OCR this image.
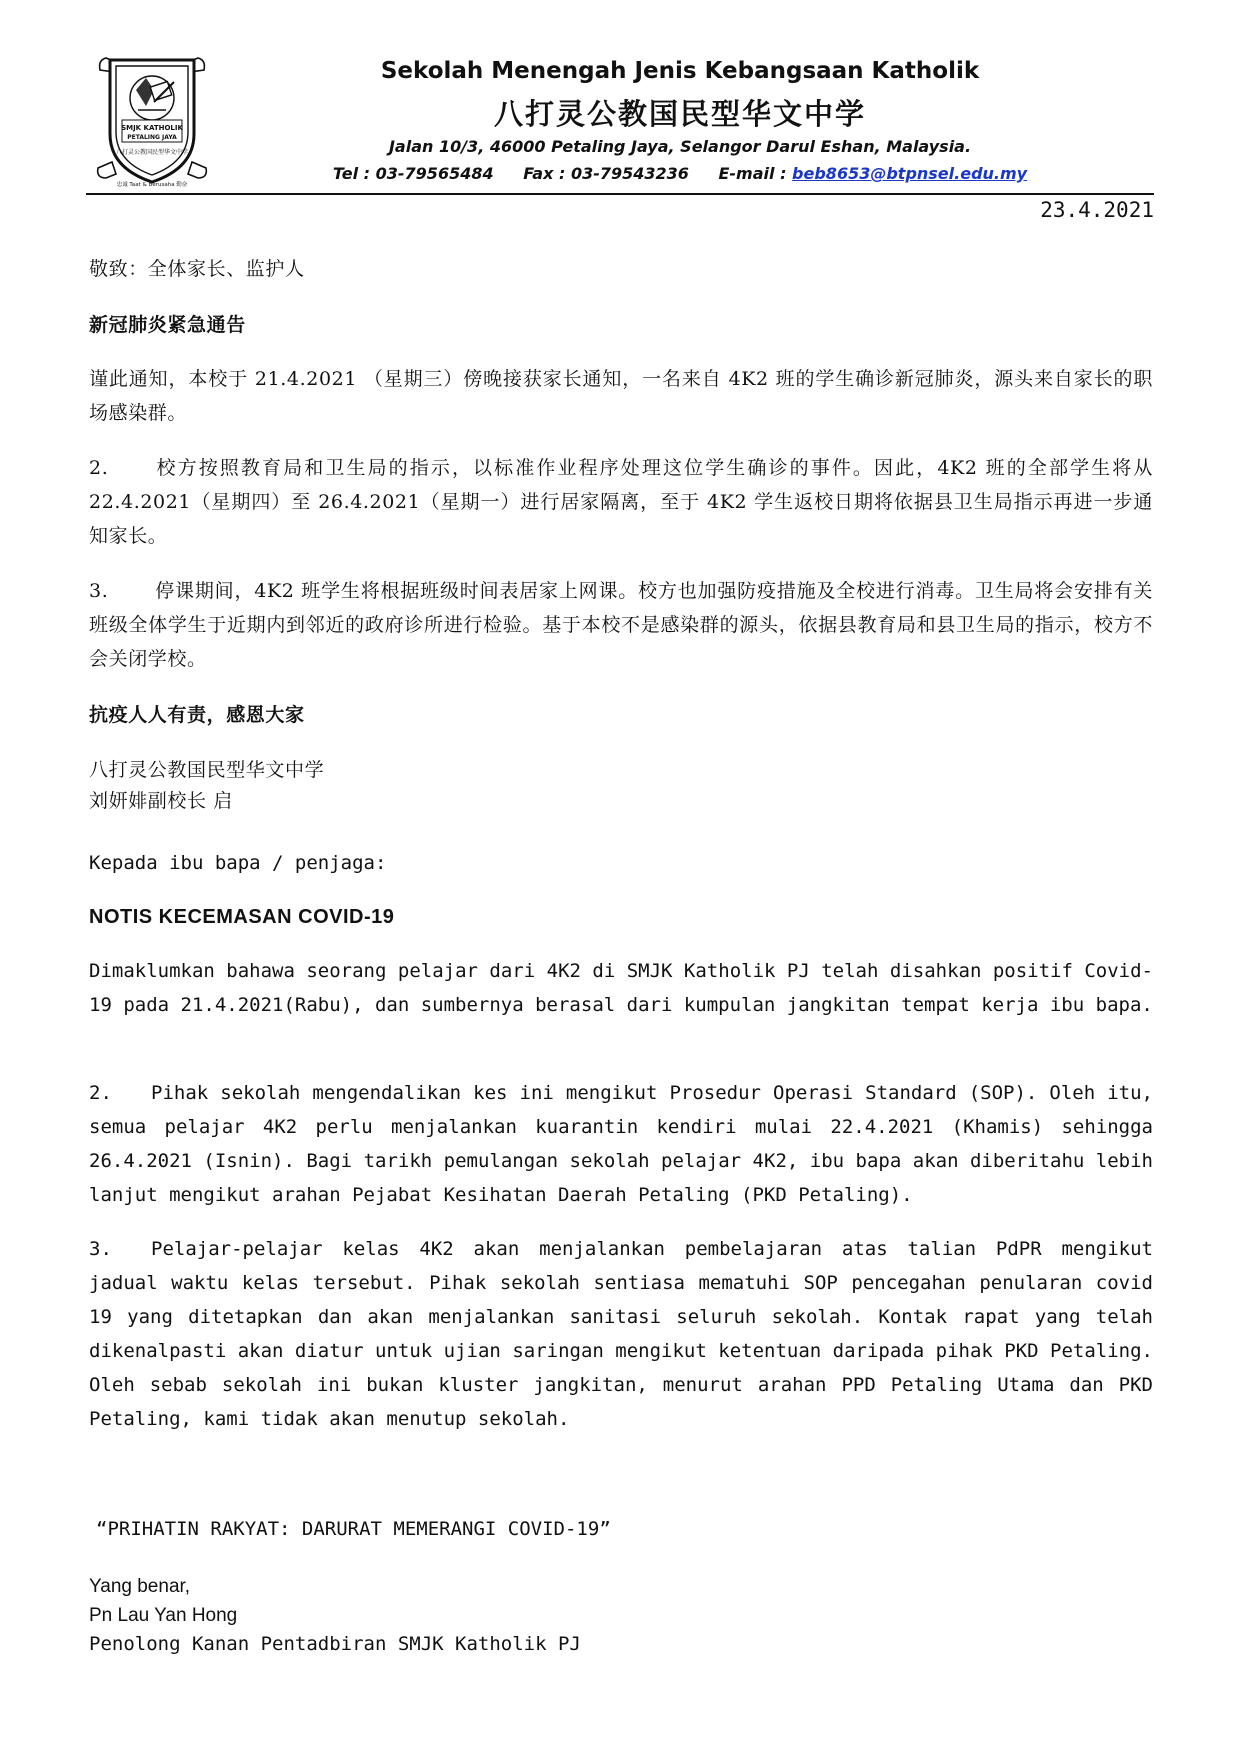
SMJK KATHOLIK
PETALING JAYA
八打灵公教国民型华文中学
忠诚 Taat & Berusaha 勤奋
Sekolah Menengah Jenis Kebangsaan Katholik
八打灵公教国民型华文中学
Jalan 10/3, 46000 Petaling Jaya, Selangor Darul Eshan, Malaysia.
Tel : 03-79565484 Fax : 03-79543236 E-mail : beb8653@btpnsel.edu.my
23.4.2021
敬致：全体家长、监护人
新冠肺炎紧急通告
谨此通知，本校于 21.4.2021 （星期三）傍晚接获家长通知，一名来自 4K2 班的学生确诊新冠肺炎，源头来自家长的职场感染群。
2. 校方按照教育局和卫生局的指示，以标准作业程序处理这位学生确诊的事件。因此，4K2 班的全部学生将从 22.4.2021（星期四）至 26.4.2021（星期一）进行居家隔离，至于 4K2 学生返校日期将依据县卫生局指示再进一步通知家长。
3. 停课期间，4K2 班学生将根据班级时间表居家上网课。校方也加强防疫措施及全校进行消毒。卫生局将会安排有关班级全体学生于近期内到邻近的政府诊所进行检验。基于本校不是感染群的源头，依据县教育局和县卫生局的指示，校方不会关闭学校。
抗疫人人有责，感恩大家
八打灵公教国民型华文中学
刘妍婔副校长 启
Kepada ibu bapa / penjaga:
NOTIS KECEMASAN COVID-19
Dimaklumkan bahawa seorang pelajar dari 4K2 di SMJK Katholik PJ telah disahkan positif Covid-19 pada 21.4.2021(Rabu), dan sumbernya berasal dari kumpulan jangkitan tempat kerja ibu bapa.
2. Pihak sekolah mengendalikan kes ini mengikut Prosedur Operasi Standard (SOP). Oleh itu, semua pelajar 4K2 perlu menjalankan kuarantin kendiri mulai 22.4.2021 (Khamis) sehingga 26.4.2021 (Isnin). Bagi tarikh pemulangan sekolah pelajar 4K2, ibu bapa akan diberitahu lebih lanjut mengikut arahan Pejabat Kesihatan Daerah Petaling (PKD Petaling).
3. Pelajar-pelajar kelas 4K2 akan menjalankan pembelajaran atas talian PdPR mengikut jadual waktu kelas tersebut. Pihak sekolah sentiasa mematuhi SOP pencegahan penularan covid 19 yang ditetapkan dan akan menjalankan sanitasi seluruh sekolah. Kontak rapat yang telah dikenalpasti akan diatur untuk ujian saringan mengikut ketentuan daripada pihak PKD Petaling. Oleh sebab sekolah ini bukan kluster jangkitan, menurut arahan PPD Petaling Utama dan PKD Petaling, kami tidak akan menutup sekolah.
“PRIHATIN RAKYAT: DARURAT MEMERANGI COVID-19”
Yang benar,
Pn Lau Yan Hong
Penolong Kanan Pentadbiran SMJK Katholik PJ
